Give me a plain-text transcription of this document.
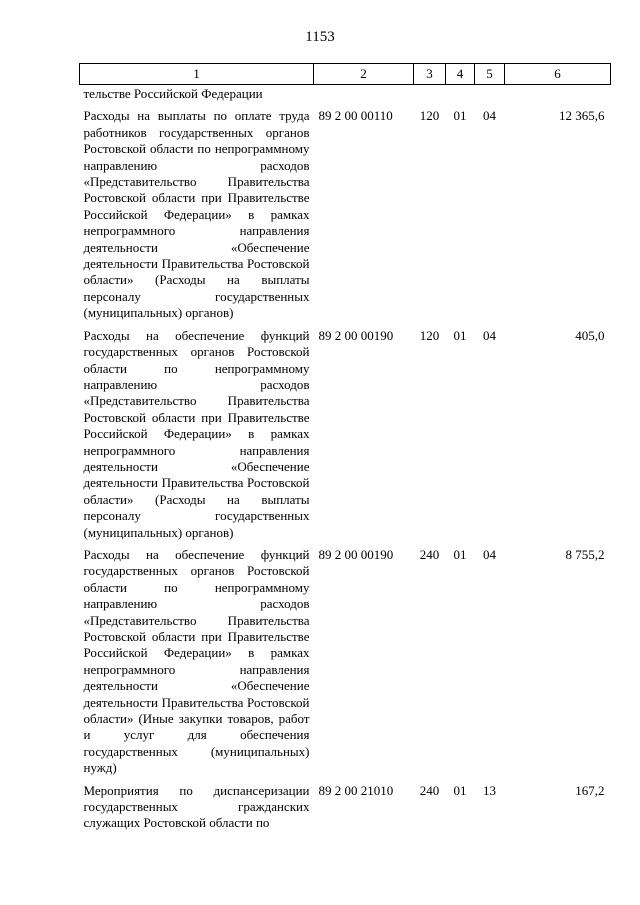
1153
1	2	3	4	5	6
тельстве Российской Федерации					
Расходы на выплаты по оплате труда работников государственных органов Ростовской области по непрограммному направлению расходов «Представительство Правительства Ростовской области при Правительстве Российской Федерации» в рамках непрограммного направления деятельности «Обеспечение деятельности Правительства Ростовской области» (Расходы на выплаты персоналу государственных (муниципальных) органов)	89 2 00 00110	120	01	04	12 365,6
Расходы на обеспечение функций государственных органов Ростовской области по непрограммному направлению расходов «Представительство Правительства Ростовской области при Правительстве Российской Федерации» в рамках непрограммного направления деятельности «Обеспечение деятельности Правительства Ростовской области» (Расходы на выплаты персоналу государственных (муниципальных) органов)	89 2 00 00190	120	01	04	405,0
Расходы на обеспечение функций государственных органов Ростовской области по непрограммному направлению расходов «Представительство Правительства Ростовской области при Правительстве Российской Федерации» в рамках непрограммного направления деятельности «Обеспечение деятельности Правительства Ростовской области» (Иные закупки товаров, работ и услуг для обеспечения государственных (муниципальных) нужд)	89 2 00 00190	240	01	04	8 755,2
Мероприятия по диспансеризации государственных гражданских служащих Ростовской области по	89 2 00 21010	240	01	13	167,2
